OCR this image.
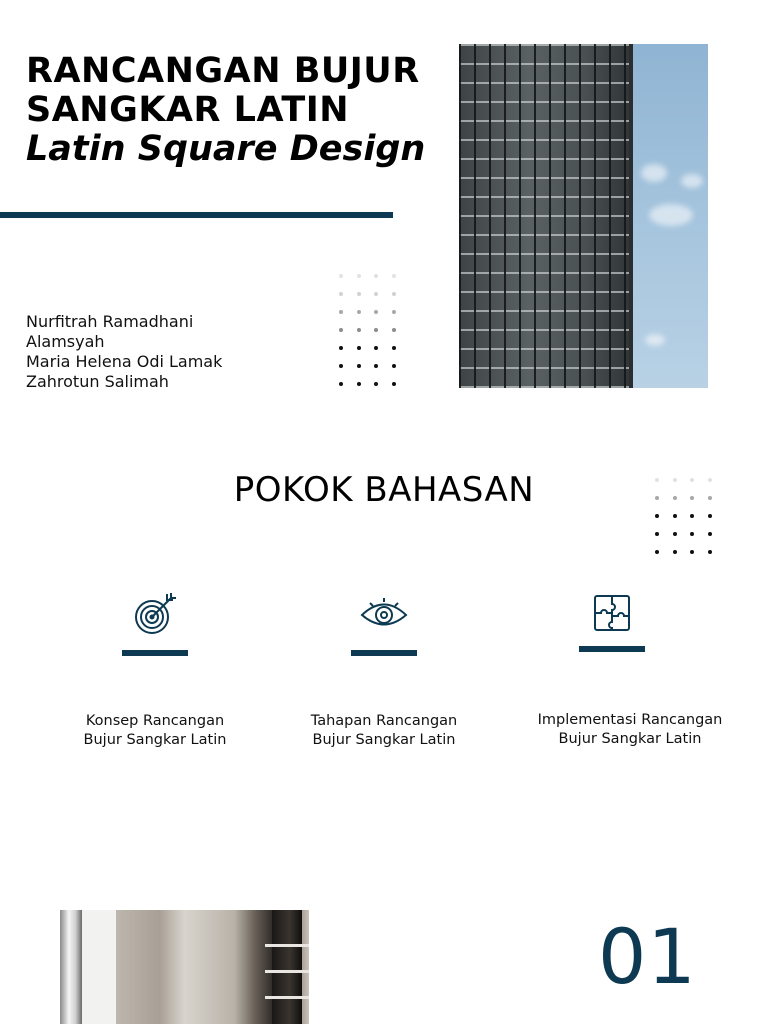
RANCANGAN BUJUR
SANGKAR LATIN
Latin Square Design
Nurfitrah Ramadhani
Alamsyah
Maria Helena Odi Lamak
Zahrotun Salimah
POKOK BAHASAN
Konsep Rancangan
Bujur Sangkar Latin
Tahapan Rancangan
Bujur Sangkar Latin
Implementasi Rancangan
Bujur Sangkar Latin
01
